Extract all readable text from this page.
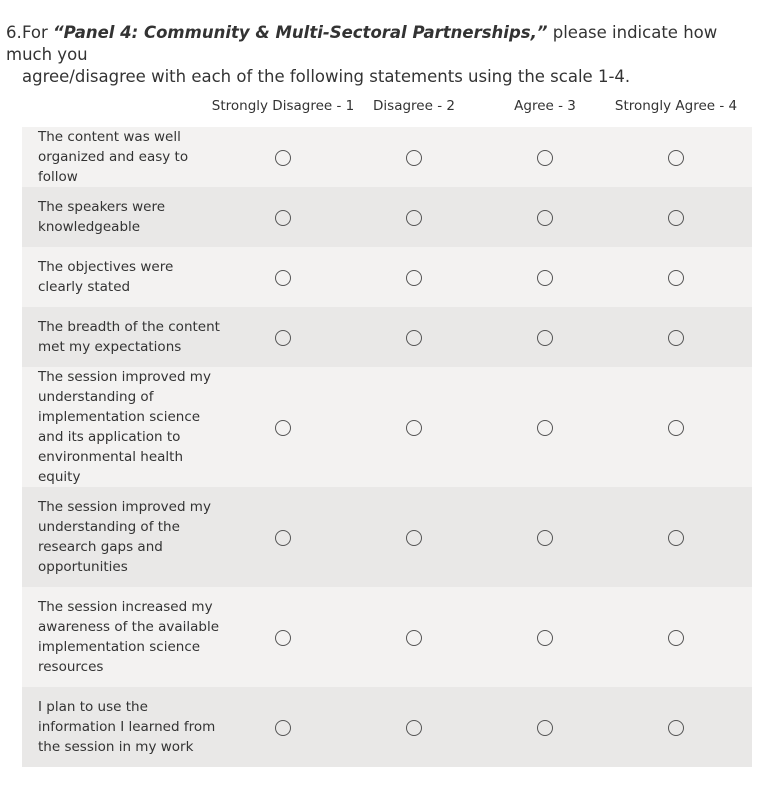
6.For “Panel 4: Community & Multi-Sectoral Partnerships,” please indicate how much you
agree/disagree with each of the following statements using the scale 1-4.
Strongly Disagree - 1 Disagree - 2	Agree - 3	Strongly Agree - 4
The content was well organized and easy to follow
The speakers were knowledgeable
The objectives were clearly stated
The breadth of the content met my expectations
The session improved my understanding of implementation science and its application to environmental health equity
The session improved my understanding of the research gaps and opportunities
The session increased my awareness of the available implementation science resources
I plan to use the information I learned from the session in my work
